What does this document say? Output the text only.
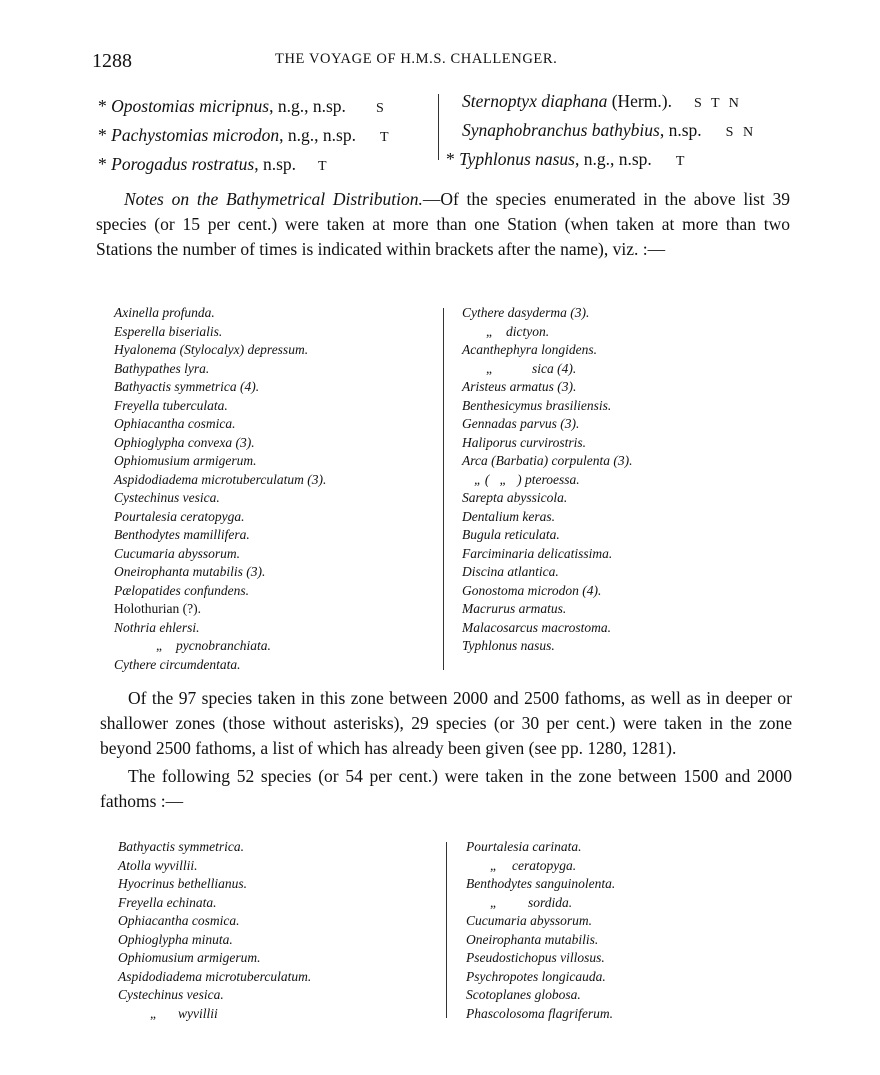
1288	THE VOYAGE OF H.M.S. CHALLENGER.
* Opostomias micripnus, n.g., n.sp. S
* Pachystomias microdon, n.g., n.sp. T
* Porogadus rostratus, n.sp. T
Sternoptyx diaphana (Herm.). S T N
Synaphobranchus bathybius, n.sp. S N
* Typhlonus nasus, n.g., n.sp. T

Notes on the Bathymetrical Distribution.—Of the species enumerated in the above list 39 species (or 15 per cent.) were taken at more than one Station (when taken at more than two Stations the number of times is indicated within brackets after the name), viz. :—

Axinella profunda.
Esperella biserialis.
Hyalonema (Stylocalyx) depressum.
Bathypathes lyra.
Bathyactis symmetrica (4).
Freyella tuberculata.
Ophiacantha cosmica.
Ophioglypha convexa (3).
Ophiomusium armigerum.
Aspidodiadema microtuberculatum (3).
Cystechinus vesica.
Pourtalesia ceratopyga.
Benthodytes mamillifera.
Cucumaria abyssorum.
Oneirophanta mutabilis (3).
Pælopatides confundens.
Holothurian (?).
Nothria ehlersi.
„ pycnobranchiata.
Cythere circumdentata.
Cythere dasyderma (3).
„ dictyon.
Acanthephyra longidens.
„	sica (4).
Aristeus armatus (3).
Benthesicymus brasiliensis.
Gennadas parvus (3).
Haliporus curvirostris.
Arca (Barbatia) corpulenta (3).
„ (   „   ) pteroessa.
Sarepta abyssicola.
Dentalium keras.
Bugula reticulata.
Farciminaria delicatissima.
Discina atlantica.
Gonostoma microdon (4).
Macrurus armatus.
Malacosarcus macrostoma.
Typhlonus nasus.

Of the 97 species taken in this zone between 2000 and 2500 fathoms, as well as in deeper or shallower zones (those without asterisks), 29 species (or 30 per cent.) were taken in the zone beyond 2500 fathoms, a list of which has already been given (see pp. 1280, 1281).

The following 52 species (or 54 per cent.) were taken in the zone between 1500 and 2000 fathoms :—

Bathyactis symmetrica.
Atolla wyvillii.
Hyocrinus bethellianus.
Freyella echinata.
Ophiacantha cosmica.
Ophioglypha minuta.
Ophiomusium armigerum.
Aspidodiadema microtuberculatum.
Cystechinus vesica.
„ wyvillii
Pourtalesia carinata.
„ ceratopyga.
Benthodytes sanguinolenta.
„ sordida.
Cucumaria abyssorum.
Oneirophanta mutabilis.
Pseudostichopus villosus.
Psychropotes longicauda.
Scotoplanes globosa.
Phascolosoma flagriferum.
